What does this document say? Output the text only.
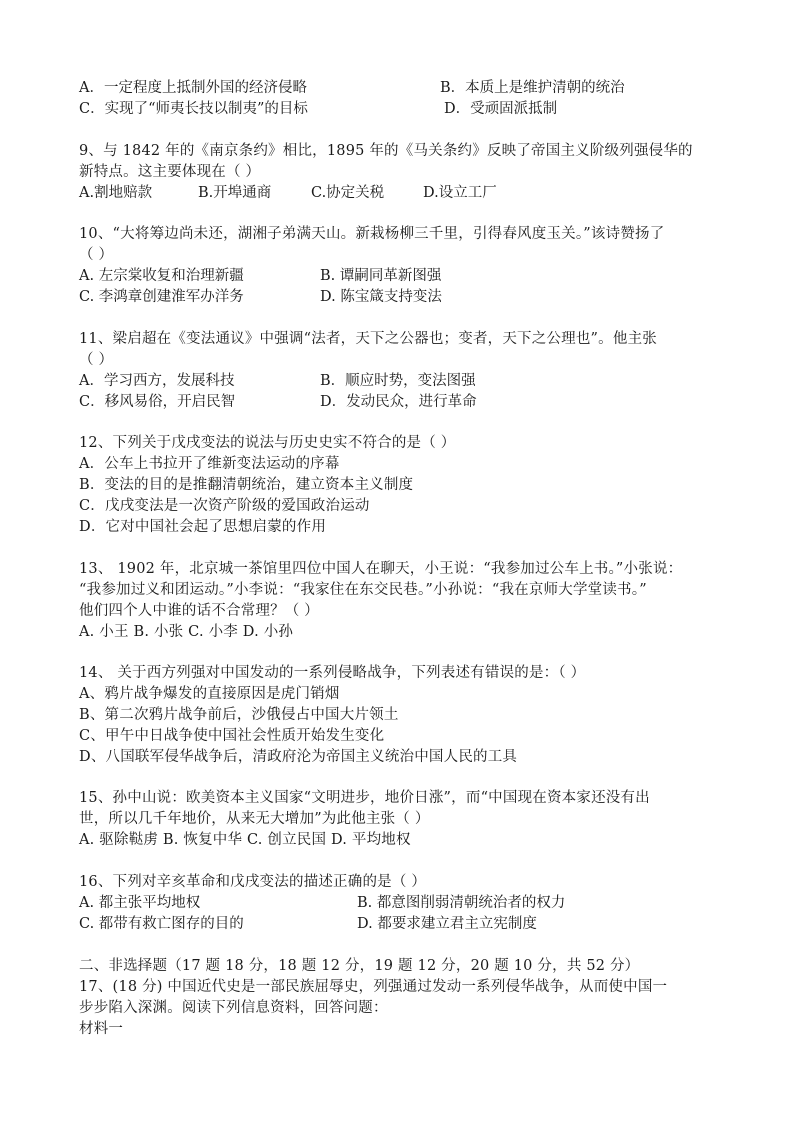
A．一定程度上抵制外国的经济侵略	B．本质上是维护清朝的统治
C．实现了“师夷长技以制夷”的目标	D．受顽固派抵制
9、与 1842 年的《南京条约》相比，1895 年的《马关条约》反映了帝国主义阶级列强侵华的
新特点。这主要体现在（ ）
A.割地赔款	B.开埠通商	C.协定关税	D.设立工厂
10、“大将筹边尚未还，湖湘子弟满天山。新栽杨柳三千里，引得春风度玉关。”该诗赞扬了
（ ）
A. 左宗棠收复和治理新疆	B. 谭嗣同革新图强
C. 李鸿章创建淮军办洋务	D. 陈宝箴支持变法
11、梁启超在《变法通议》中强调“法者，天下之公器也；变者，天下之公理也”。他主张
（ ）
A．学习西方，发展科技	B．顺应时势，变法图强
C．移风易俗，开启民智	D．发动民众，进行革命
12、下列关于戊戌变法的说法与历史史实不符合的是（ ）
A．公车上书拉开了维新变法运动的序幕
B．变法的目的是推翻清朝统治，建立资本主义制度
C．戊戌变法是一次资产阶级的爱国政治运动
D．它对中国社会起了思想启蒙的作用
13、 1902 年，北京城一茶馆里四位中国人在聊天，小王说：“我参加过公车上书。”小张说：
“我参加过义和团运动。”小李说：“我家住在东交民巷。”小孙说：“我在京师大学堂读书。”
他们四个人中谁的话不合常理？（ ）
A. 小王 B. 小张 C. 小李 D. 小孙
14、 关于西方列强对中国发动的一系列侵略战争，下列表述有错误的是：（ ）
A、鸦片战争爆发的直接原因是虎门销烟
B、第二次鸦片战争前后，沙俄侵占中国大片领土
C、甲午中日战争使中国社会性质开始发生变化
D、八国联军侵华战争后，清政府沦为帝国主义统治中国人民的工具
15、孙中山说：欧美资本主义国家“文明进步，地价日涨”，而“中国现在资本家还没有出
世，所以几千年地价，从来无大增加”为此他主张（ ）
A. 驱除鞑虏 B. 恢复中华 C. 创立民国 D. 平均地权
16、下列对辛亥革命和戊戌变法的描述正确的是（ ）
A. 都主张平均地权	B. 都意图削弱清朝统治者的权力
C. 都带有救亡图存的目的	D. 都要求建立君主立宪制度
二、非选择题（17 题 18 分，18 题 12 分，19 题 12 分，20 题 10 分，共 52 分）
17、(18 分) 中国近代史是一部民族屈辱史，列强通过发动一系列侵华战争，从而使中国一
步步陷入深渊。阅读下列信息资料，回答问题：
材料一
